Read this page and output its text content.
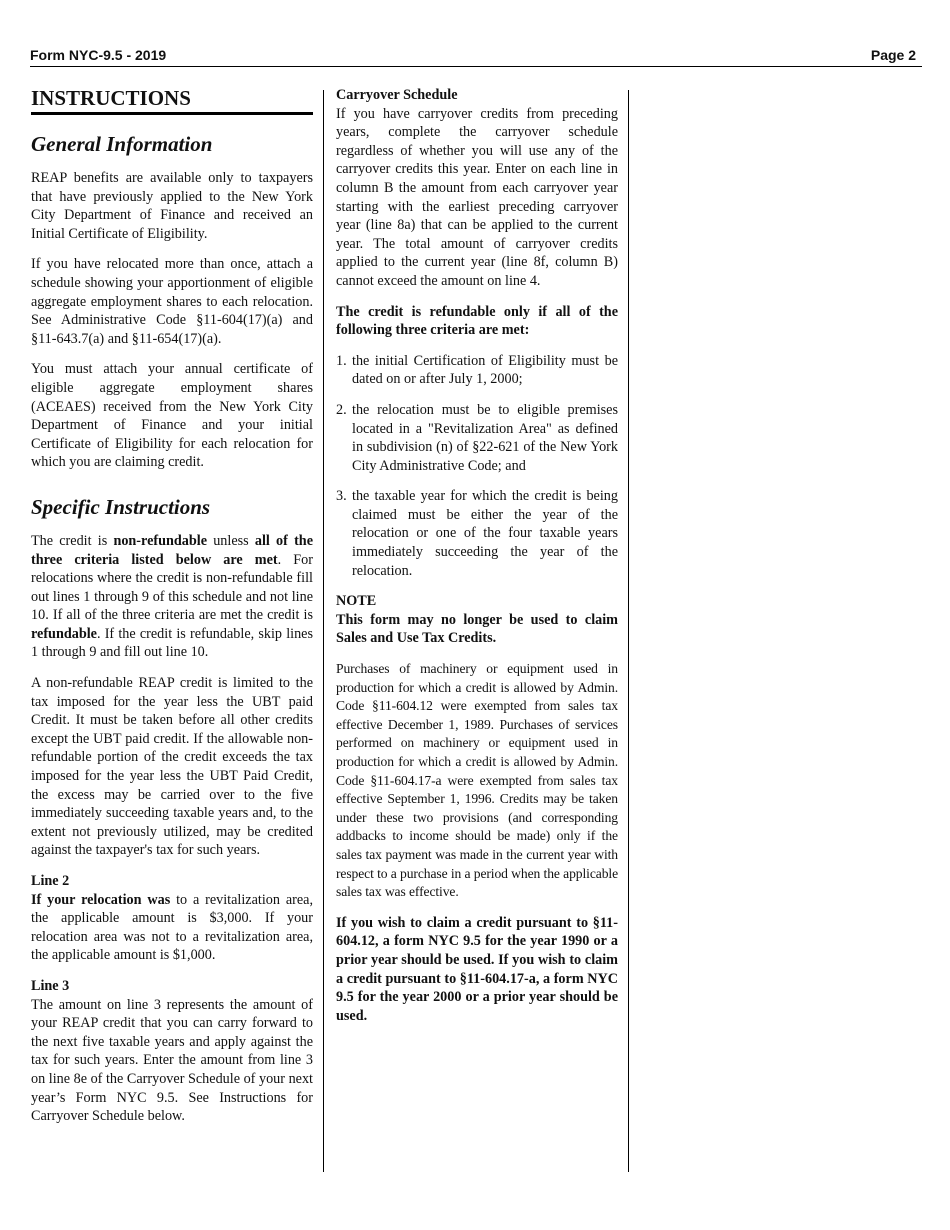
Form NYC-9.5 - 2019	Page 2
INSTRUCTIONS
General Information

REAP benefits are available only to taxpayers that have previously applied to the New York City Department of Finance and received an Initial Certificate of Eligibility.

If you have relocated more than once, attach a schedule showing your apportionment of eligible aggregate employment shares to each relocation. See Administrative Code §11-604(17)(a) and §11-643.7(a) and §11-654(17)(a).

You must attach your annual certificate of eligible aggregate employment shares (ACEAES) received from the New York City Department of Finance and your initial Certificate of Eligibility for each relocation for which you are claiming credit.

Specific Instructions

The credit is non-refundable unless all of the three criteria listed below are met. For relocations where the credit is non-refundable fill out lines 1 through 9 of this schedule and not line 10. If all of the three criteria are met the credit is refundable. If the credit is refundable, skip lines 1 through 9 and fill out line 10.

A non-refundable REAP credit is limited to the tax imposed for the year less the UBT paid Credit. It must be taken before all other credits except the UBT paid credit. If the allowable non-refundable portion of the credit exceeds the tax imposed for the year less the UBT Paid Credit, the excess may be carried over to the five immediately succeeding taxable years and, to the extent not previously utilized, may be credited against the taxpayer's tax for such years.

Line 2

If your relocation was to a revitalization area, the applicable amount is $3,000. If your relocation area was not to a revitalization area, the applicable amount is $1,000.

Line 3

The amount on line 3 represents the amount of your REAP credit that you can carry forward to the next five taxable years and apply against the tax for such years. Enter the amount from line 3 on line 8e of the Carryover Schedule of your next year’s Form NYC 9.5. See Instructions for Carryover Schedule below.

Carryover Schedule

If you have carryover credits from preceding years, complete the carryover schedule regardless of whether you will use any of the carryover credits this year. Enter on each line in column B the amount from each carryover year starting with the earliest preceding carryover year (line 8a) that can be applied to the current year. The total amount of carryover credits applied to the current year (line 8f, column B) cannot exceed the amount on line 4.

The credit is refundable only if all of the following three criteria are met:

1. the initial Certification of Eligibility must be dated on or after July 1, 2000;
2. the relocation must be to eligible premises located in a "Revitalization Area" as defined in subdivision (n) of §22-621 of the New York City Administrative Code; and
3. the taxable year for which the credit is being claimed must be either the year of the relocation or one of the four taxable years immediately succeeding the year of the relocation.
NOTE

This form may no longer be used to claim Sales and Use Tax Credits.

Purchases of machinery or equipment used in production for which a credit is allowed by Admin. Code §11-604.12 were exempted from sales tax effective December 1, 1989. Purchases of services performed on machinery or equipment used in production for which a credit is allowed by Admin. Code §11-604.17-a were exempted from sales tax effective September 1, 1996. Credits may be taken under these two provisions (and corresponding addbacks to income should be made) only if the sales tax payment was made in the current year with respect to a purchase in a period when the applicable sales tax was effective.

If you wish to claim a credit pursuant to §11-604.12, a form NYC 9.5 for the year 1990 or a prior year should be used. If you wish to claim a credit pursuant to §11-604.17-a, a form NYC 9.5 for the year 2000 or a prior year should be used.
